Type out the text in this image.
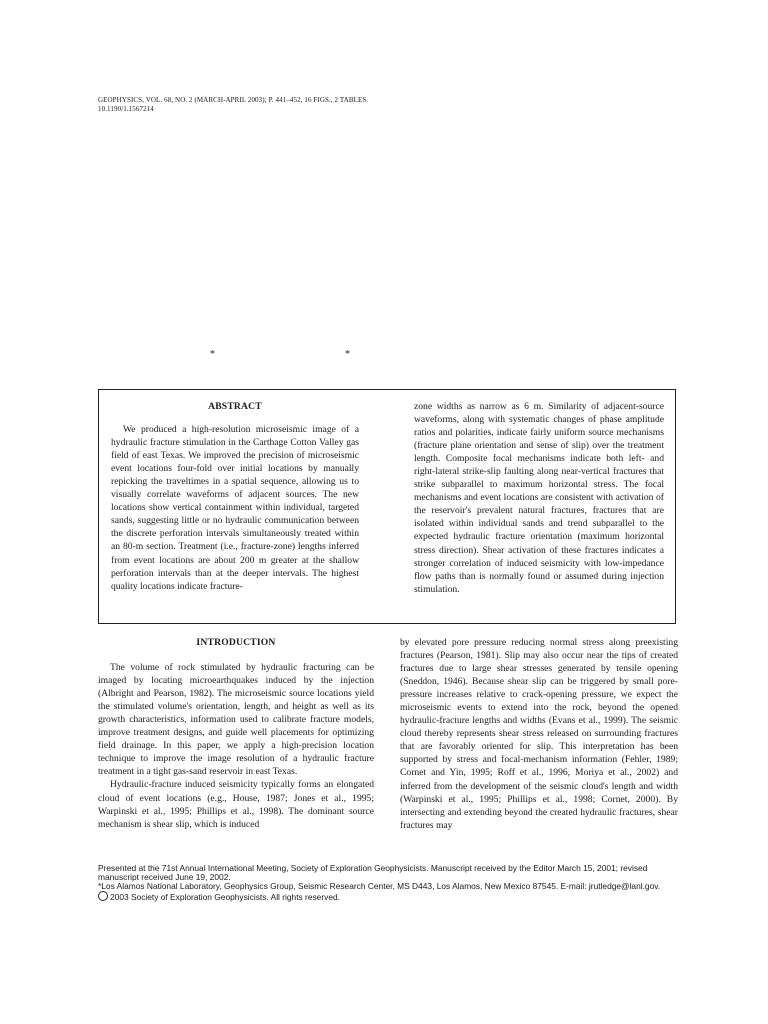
GEOPHYSICS, VOL. 68, NO. 2 (MARCH-APRIL 2003); P. 441–452, 16 FIGS., 2 TABLES.
10.1190/1.1567214
*	*

ABSTRACT

We produced a high-resolution microseismic image of a hydraulic fracture stimulation in the Carthage Cotton Valley gas field of east Texas. We improved the precision of microseismic event locations four-fold over initial locations by manually repicking the traveltimes in a spatial sequence, allowing us to visually correlate waveforms of adjacent sources. The new locations show vertical containment within individual, targeted sands, suggesting little or no hydraulic communication between the discrete perforation intervals simultaneously treated within an 80-m section. Treatment (i.e., fracture-zone) lengths inferred from event locations are about 200 m greater at the shallow perforation intervals than at the deeper intervals. The highest quality locations indicate fracture-

zone widths as narrow as 6 m. Similarity of adjacent-source waveforms, along with systematic changes of phase amplitude ratios and polarities, indicate fairly uniform source mechanisms (fracture plane orientation and sense of slip) over the treatment length. Composite focal mechanisms indicate both left- and right-lateral strike-slip faulting along near-vertical fractures that strike subparallel to maximum horizontal stress. The focal mechanisms and event locations are consistent with activation of the reservoir's prevalent natural fractures, fractures that are isolated within individual sands and trend subparallel to the expected hydraulic fracture orientation (maximum horizontal stress direction). Shear activation of these fractures indicates a stronger correlation of induced seismicity with low-impedance flow paths than is normally found or assumed during injection stimulation.

INTRODUCTION

The volume of rock stimulated by hydraulic fracturing can be imaged by locating microearthquakes induced by the injection (Albright and Pearson, 1982). The microseismic source locations yield the stimulated volume's orientation, length, and height as well as its growth characteristics, information used to calibrate fracture models, improve treatment designs, and guide well placements for optimizing field drainage. In this paper, we apply a high-precision location technique to improve the image resolution of a hydraulic fracture treatment in a tight gas-sand reservoir in east Texas.

Hydraulic-fracture induced seismicity typically forms an elongated cloud of event locations (e.g., House, 1987; Jones et al., 1995; Warpinski et al., 1995; Phillips et al., 1998). The dominant source mechanism is shear slip, which is induced

by elevated pore pressure reducing normal stress along preexisting fractures (Pearson, 1981). Slip may also occur near the tips of created fractures due to large shear stresses generated by tensile opening (Sneddon, 1946). Because shear slip can be triggered by small pore-pressure increases relative to crack-opening pressure, we expect the microseismic events to extend into the rock, beyond the opened hydraulic-fracture lengths and widths (Evans et al., 1999). The seismic cloud thereby represents shear stress released on surrounding fractures that are favorably oriented for slip. This interpretation has been supported by stress and focal-mechanism information (Fehler, 1989; Cornet and Yin, 1995; Roff et al., 1996, Moriya et al., 2002) and inferred from the development of the seismic cloud's length and width (Warpinski et al., 1995; Phillips et al., 1998; Cornet, 2000). By intersecting and extending beyond the created hydraulic fractures, shear fractures may

Presented at the 71st Annual International Meeting, Society of Exploration Geophysicists. Manuscript received by the Editor March 15, 2001; revised manuscript received June 19, 2002.

*Los Alamos National Laboratory, Geophysics Group, Seismic Research Center, MS D443, Los Alamos, New Mexico 87545. E-mail: jrutledge@lanl.gov.

2003 Society of Exploration Geophysicists. All rights reserved.
